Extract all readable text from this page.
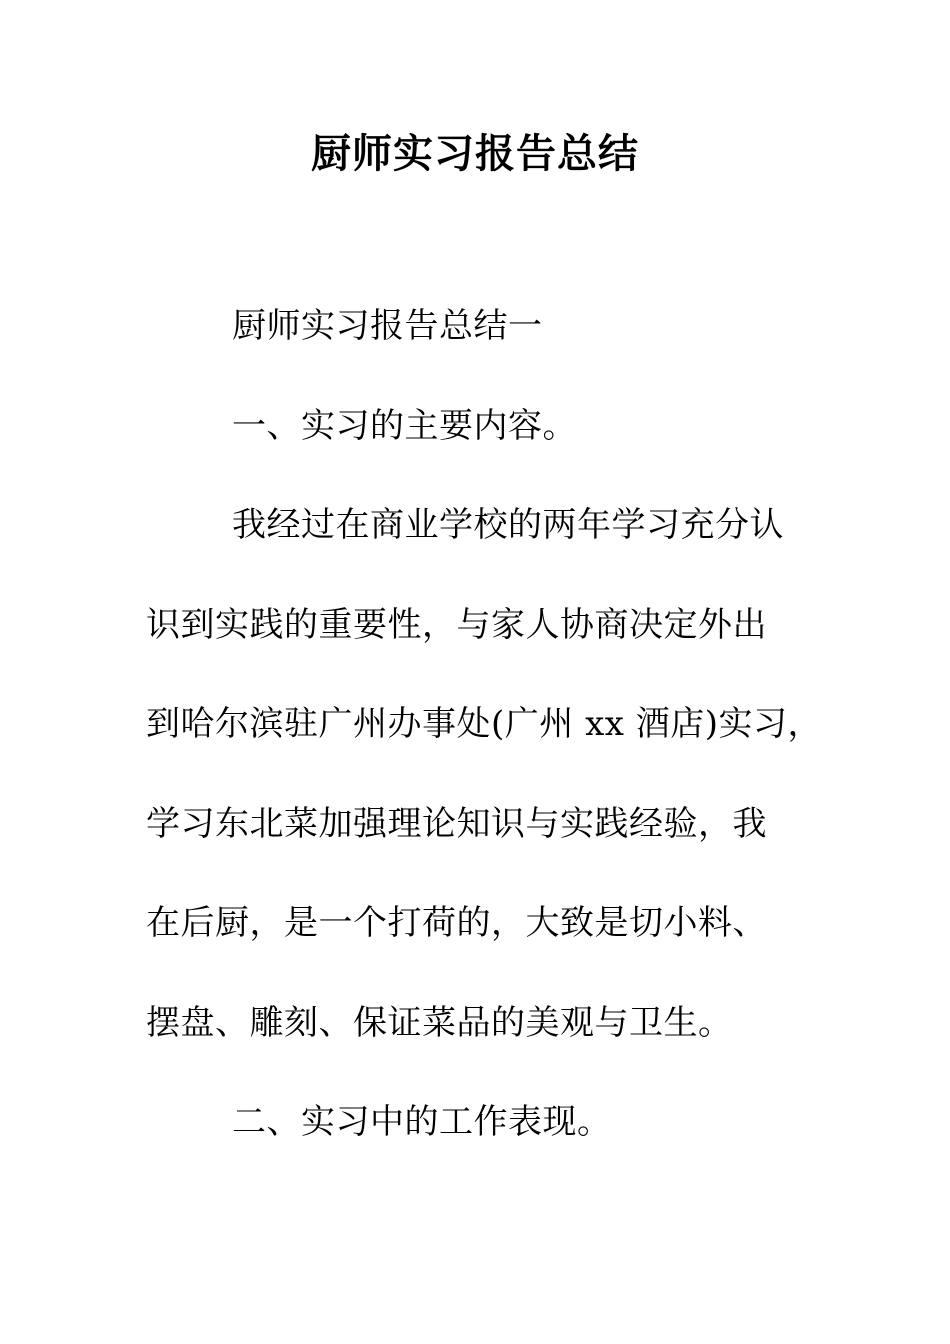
厨师实习报告总结
厨师实习报告总结一
一、实习的主要内容。
我经过在商业学校的两年学习充分认
识到实践的重要性，与家人协商决定外出
到哈尔滨驻广州办事处(广州 xx 酒店)实习，
学习东北菜加强理论知识与实践经验，我
在后厨，是一个打荷的，大致是切小料、
摆盘、雕刻、保证菜品的美观与卫生。
二、实习中的工作表现。
